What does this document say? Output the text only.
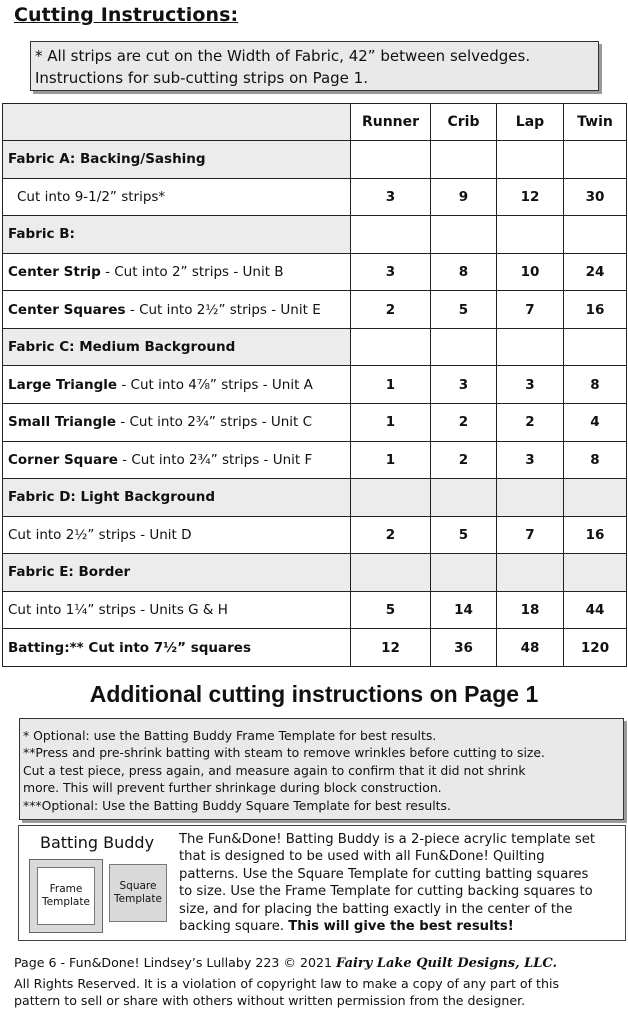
Cutting Instructions:
* All strips are cut on the Width of Fabric, 42” between selvedges.
Instructions for sub-cutting strips on Page 1.
	Runner	Crib	Lap	Twin
Fabric A: Backing/Sashing				
Cut into 9-1/2” strips*	3	9	12	30
Fabric B:				
Center Strip - Cut into 2” strips - Unit B	3	8	10	24
Center Squares - Cut into 2½” strips - Unit E	2	5	7	16
Fabric C: Medium Background				
Large Triangle - Cut into 4⅞” strips - Unit A	1	3	3	8
Small Triangle - Cut into 2¾” strips - Unit C	1	2	2	4
Corner Square - Cut into 2¾” strips - Unit F	1	2	3	8
Fabric D: Light Background				
Cut into 2½” strips - Unit D	2	5	7	16
Fabric E: Border				
Cut into 1¼” strips - Units G & H	5	14	18	44
Batting:** Cut into 7½” squares	12	36	48	120
Additional cutting instructions on Page 1
* Optional: use the Batting Buddy Frame Template for best results.
**Press and pre-shrink batting with steam to remove wrinkles before cutting to size.
Cut a test piece, press again, and measure again to confirm that it did not shrink
more. This will prevent further shrinkage during block construction.
***Optional: Use the Batting Buddy Square Template for best results.
Batting Buddy
Frame
Template
Square
Template
The Fun&Done! Batting Buddy is a 2-piece acrylic template set
that is designed to be used with all Fun&Done! Quilting
patterns. Use the Square Template for cutting batting squares
to size. Use the Frame Template for cutting backing squares to
size, and for placing the batting exactly in the center of the
backing square. This will give the best results!
Page 6 - Fun&Done! Lindsey’s Lullaby 223 © 2021 Fairy Lake Quilt Designs, LLC.
All Rights Reserved. It is a violation of copyright law to make a copy of any part of this
pattern to sell or share with others without written permission from the designer.
